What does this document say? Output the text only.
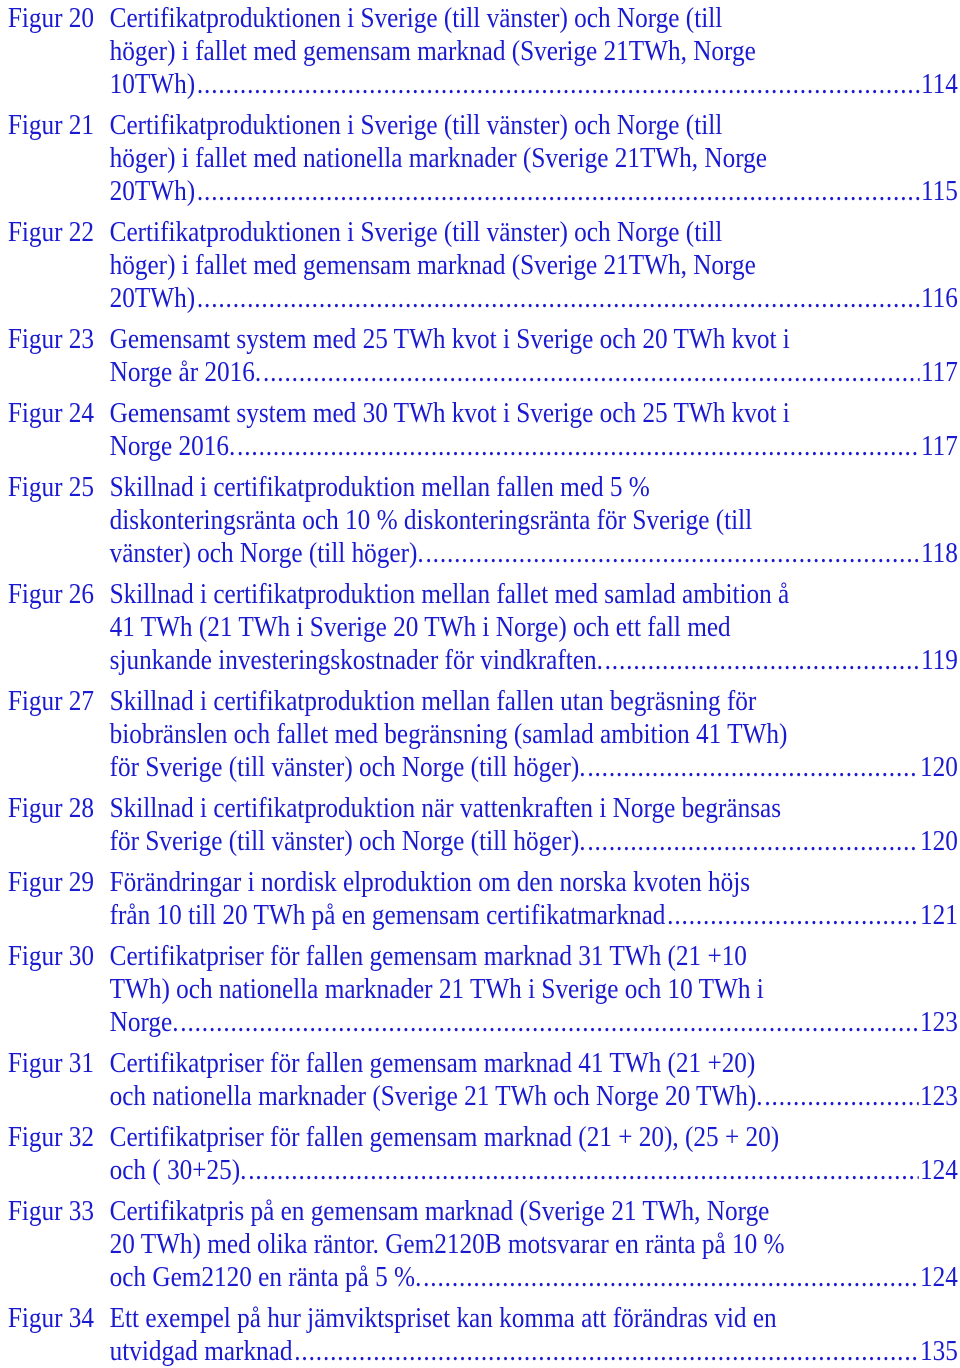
Figur 20 Certifikatproduktionen i Sverige (till vänster) och Norge (till
höger) i fallet med gemensam marknad (Sverige 21TWh, Norge
10TWh) .....	114
Figur 21 Certifikatproduktionen i Sverige (till vänster) och Norge (till
höger) i fallet med nationella marknader (Sverige 21TWh, Norge
20TWh) .....	115
Figur 22 Certifikatproduktionen i Sverige (till vänster) och Norge (till
höger) i fallet med gemensam marknad (Sverige 21TWh, Norge
20TWh) .....	116
Figur 23 Gemensamt system med 25 TWh kvot i Sverige och 20 TWh kvot i
Norge år 2016. .....	117
Figur 24 Gemensamt system med 30 TWh kvot i Sverige och 25 TWh kvot i
Norge 2016. .....	117
Figur 25 Skillnad i certifikatproduktion mellan fallen med 5 %
diskonteringsränta och 10 % diskonteringsränta för Sverige (till
vänster) och Norge (till höger). .....	118
Figur 26 Skillnad i certifikatproduktion mellan fallet med samlad ambition å
41 TWh (21 TWh i Sverige 20 TWh i Norge) och ett fall med
sjunkande investeringskostnader för vindkraften. .....	119
Figur 27 Skillnad i certifikatproduktion mellan fallen utan begräsning för
biobränslen och fallet med begränsning (samlad ambition 41 TWh)
för Sverige (till vänster) och Norge (till höger). .....	120
Figur 28 Skillnad i certifikatproduktion när vattenkraften i Norge begränsas
för Sverige (till vänster) och Norge (till höger). .....	120
Figur 29 Förändringar i nordisk elproduktion om den norska kvoten höjs
från 10 till 20 TWh på en gemensam certifikatmarknad .....	121
Figur 30 Certifikatpriser för fallen gemensam marknad 31 TWh (21 +10
TWh) och nationella marknader 21 TWh i Sverige och 10 TWh i
Norge. .....	123
Figur 31 Certifikatpriser för fallen gemensam marknad 41 TWh (21 +20)
och nationella marknader (Sverige 21 TWh och Norge 20 TWh). .....	123
Figur 32 Certifikatpriser för fallen gemensam marknad (21 + 20), (25 + 20)
och ( 30+25). .....	124
Figur 33 Certifikatpris på en gemensam marknad (Sverige 21 TWh, Norge
20 TWh) med olika räntor. Gem2120B motsvarar en ränta på 10 %
och Gem2120 en ränta på 5 %. .....	124
Figur 34 Ett exempel på hur jämviktspriset kan komma att förändras vid en
utvidgad marknad .....	135
